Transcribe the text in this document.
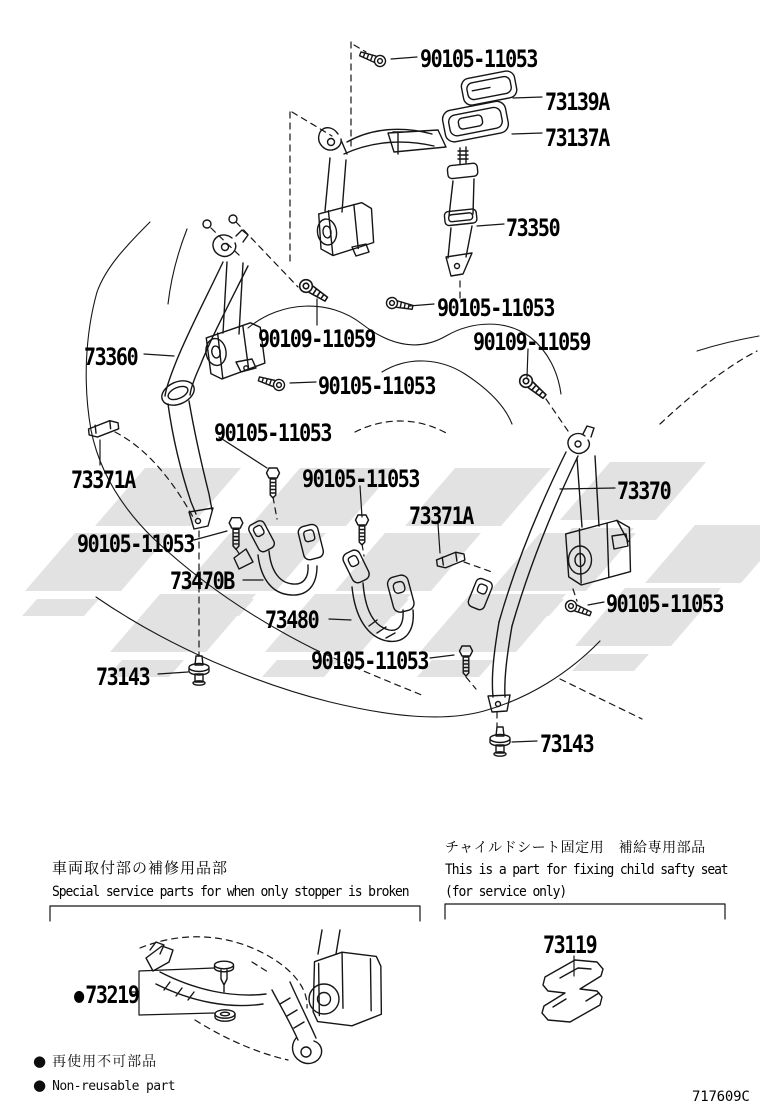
90105-11053
73139A
73137A
73350
90105-11053
90109-11059	90109-11059
73360
90105-11053
90105-11053
73371A	90105-11053	73370
73371A
90105-11053
73470B
90105-11053
73480
90105-11053
73143
73143
●73219
73119
車両取付部の補修用品部
Special service parts for when only stopper is broken
チャイルドシート固定用　補給専用部品
This is a part for fixing child safty seat
(for service only)
● 再使用不可部品
● Non-reusable part
717609C
